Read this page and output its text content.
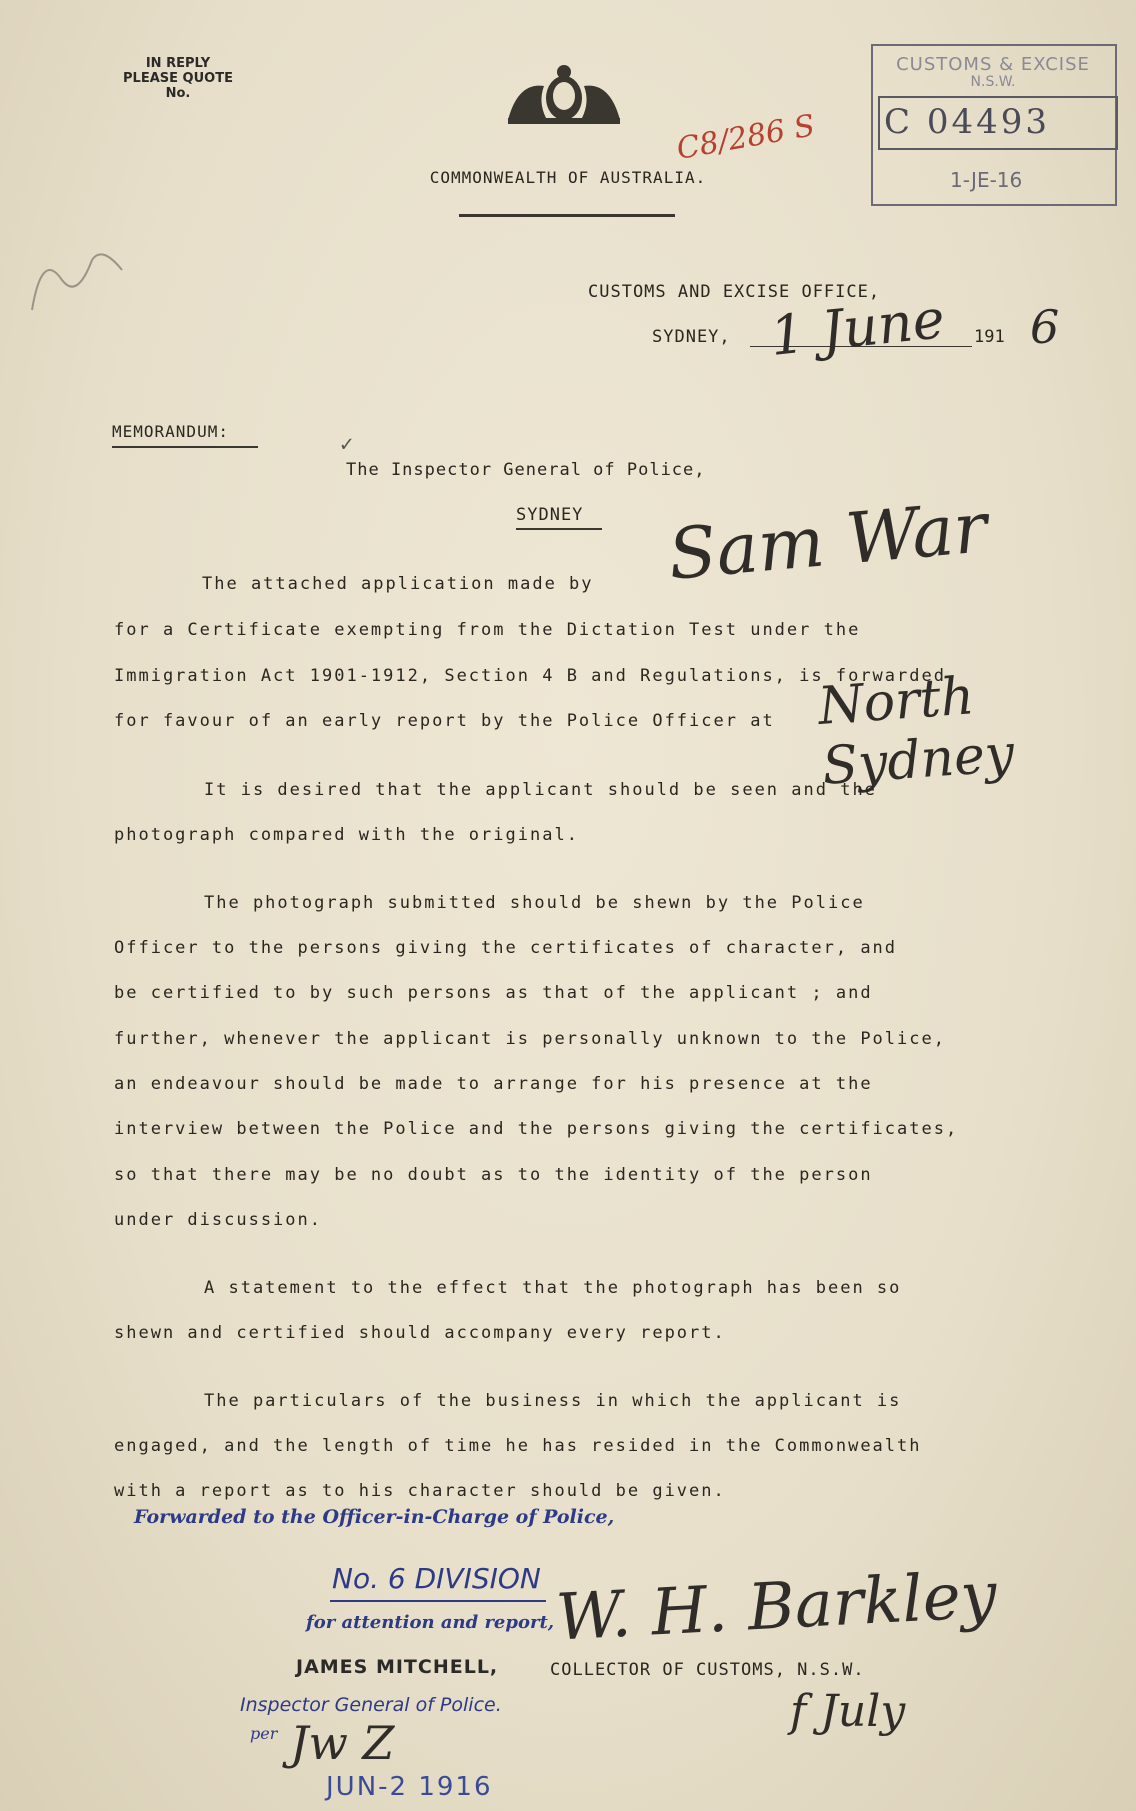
IN REPLY
PLEASE QUOTE
No.
COMMONWEALTH OF AUSTRALIA.
C8/286 S
CUSTOMS & EXCISE
N.S.W.
C 04493
1-JE-16
CUSTOMS AND EXCISE OFFICE,
SYDNEY, 1 June 191 6
MEMORANDUM:
✓
The Inspector General of Police,
SYDNEY
The attached application made by Sam War
for a Certificate exempting from the Dictation Test under the
Immigration Act 1901-1912, Section 4 B and Regulations, is forwarded
for favour of an early report by the Police Officer at North Sydney
It is desired that the applicant should be seen and the
photograph compared with the original.
The photograph submitted should be shewn by the Police
Officer to the persons giving the certificates of character, and
be certified to by such persons as that of the applicant ; and
further, whenever the applicant is personally unknown to the Police,
an endeavour should be made to arrange for his presence at the
interview between the Police and the persons giving the certificates,
so that there may be no doubt as to the identity of the person
under discussion.
A statement to the effect that the photograph has been so
shewn and certified should accompany every report.
The particulars of the business in which the applicant is
engaged, and the length of time he has resided in the Commonwealth
with a report as to his character should be given.
Forwarded to the Officer-in-Charge of Police,
No. 6 DIVISION
for attention and report, W. H. Barkley
JAMES MITCHELL,	COLLECTOR OF CUSTOMS, N.S.W.
Inspector General of Police.
per Jw Z
f July
JUN-2 1916
